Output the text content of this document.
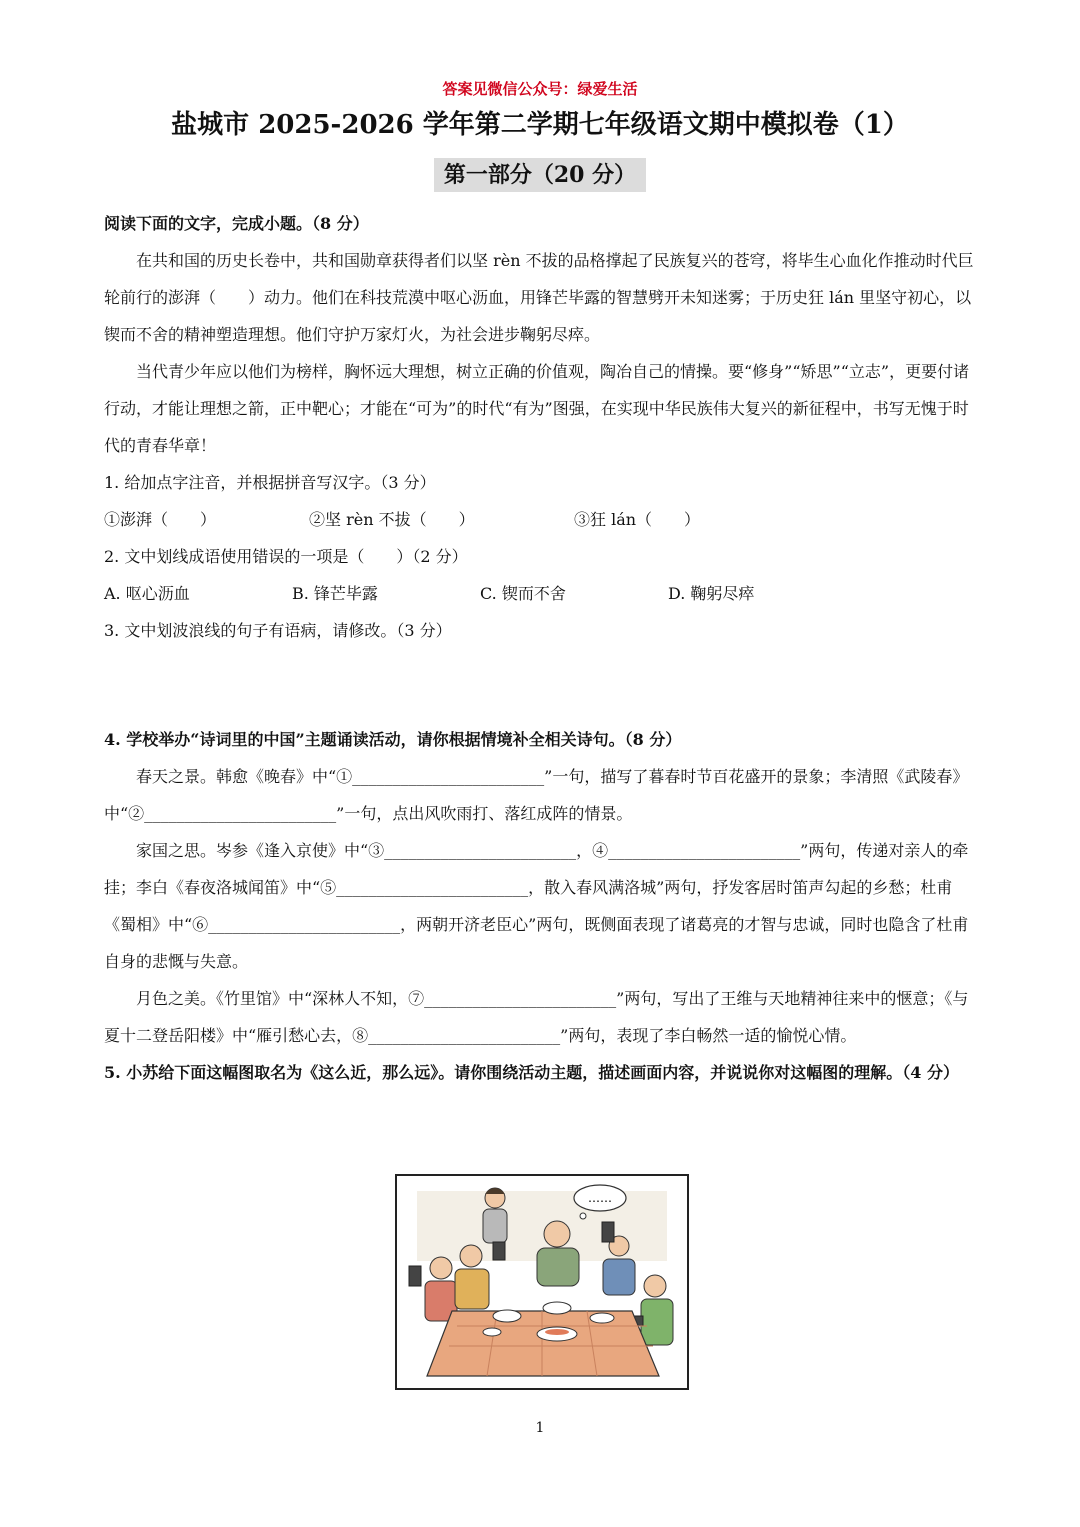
答案见微信公众号：绿爱生活
盐城市 2025-2026 学年第二学期七年级语文期中模拟卷（1）
第一部分（20 分）

阅读下面的文字，完成小题。（8 分）

在共和国的历史长卷中，共和国勋章获得者们以坚 rèn 不拔的品格撑起了民族复兴的苍穹，将毕生心血化作推动时代巨轮前行的澎湃（　　）动力。他们在科技荒漠中呕心沥血，用锋芒毕露的智慧劈开未知迷雾；于历史狂 lán 里坚守初心，以锲而不舍的精神塑造理想。他们守护万家灯火，为社会进步鞠躬尽瘁。

当代青少年应以他们为榜样，胸怀远大理想，树立正确的价值观，陶冶自己的情操。要“修身”“矫思”“立志”，更要付诸行动，才能让理想之箭，正中靶心；才能在“可为”的时代“有为”图强，在实现中华民族伟大复兴的新征程中，书写无愧于时代的青春华章！

1. 给加点字注音，并根据拼音写汉字。（3 分）

①澎湃（　　）	②坚 rèn 不拔（　　）	③狂 lán（　　）

2. 文中划线成语使用错误的一项是（　　）（2 分）

A. 呕心沥血	B. 锋芒毕露	C. 锲而不舍	D. 鞠躬尽瘁

3. 文中划波浪线的句子有语病，请修改。（3 分）

4. 学校举办“诗词里的中国”主题诵读活动，请你根据情境补全相关诗句。（8 分）

春天之景。韩愈《晚春》中“①________________________”一句，描写了暮春时节百花盛开的景象；李清照《武陵春》中“②________________________”一句，点出风吹雨打、落红成阵的情景。

家国之思。岑参《逢入京使》中“③________________________，④________________________”两句，传递对亲人的牵挂；李白《春夜洛城闻笛》中“⑤________________________，散入春风满洛城”两句，抒发客居时笛声勾起的乡愁；杜甫《蜀相》中“⑥________________________，两朝开济老臣心”两句，既侧面表现了诸葛亮的才智与忠诚，同时也隐含了杜甫自身的悲慨与失意。

月色之美。《竹里馆》中“深林人不知，⑦________________________”两句，写出了王维与天地精神往来中的惬意；《与夏十二登岳阳楼》中“雁引愁心去，⑧________________________”两句，表现了李白畅然一适的愉悦心情。

5. 小苏给下面这幅图取名为《这么近，那么远》。请你围绕活动主题，描述画面内容，并说说你对这幅图的理解。（4 分）

……
1
